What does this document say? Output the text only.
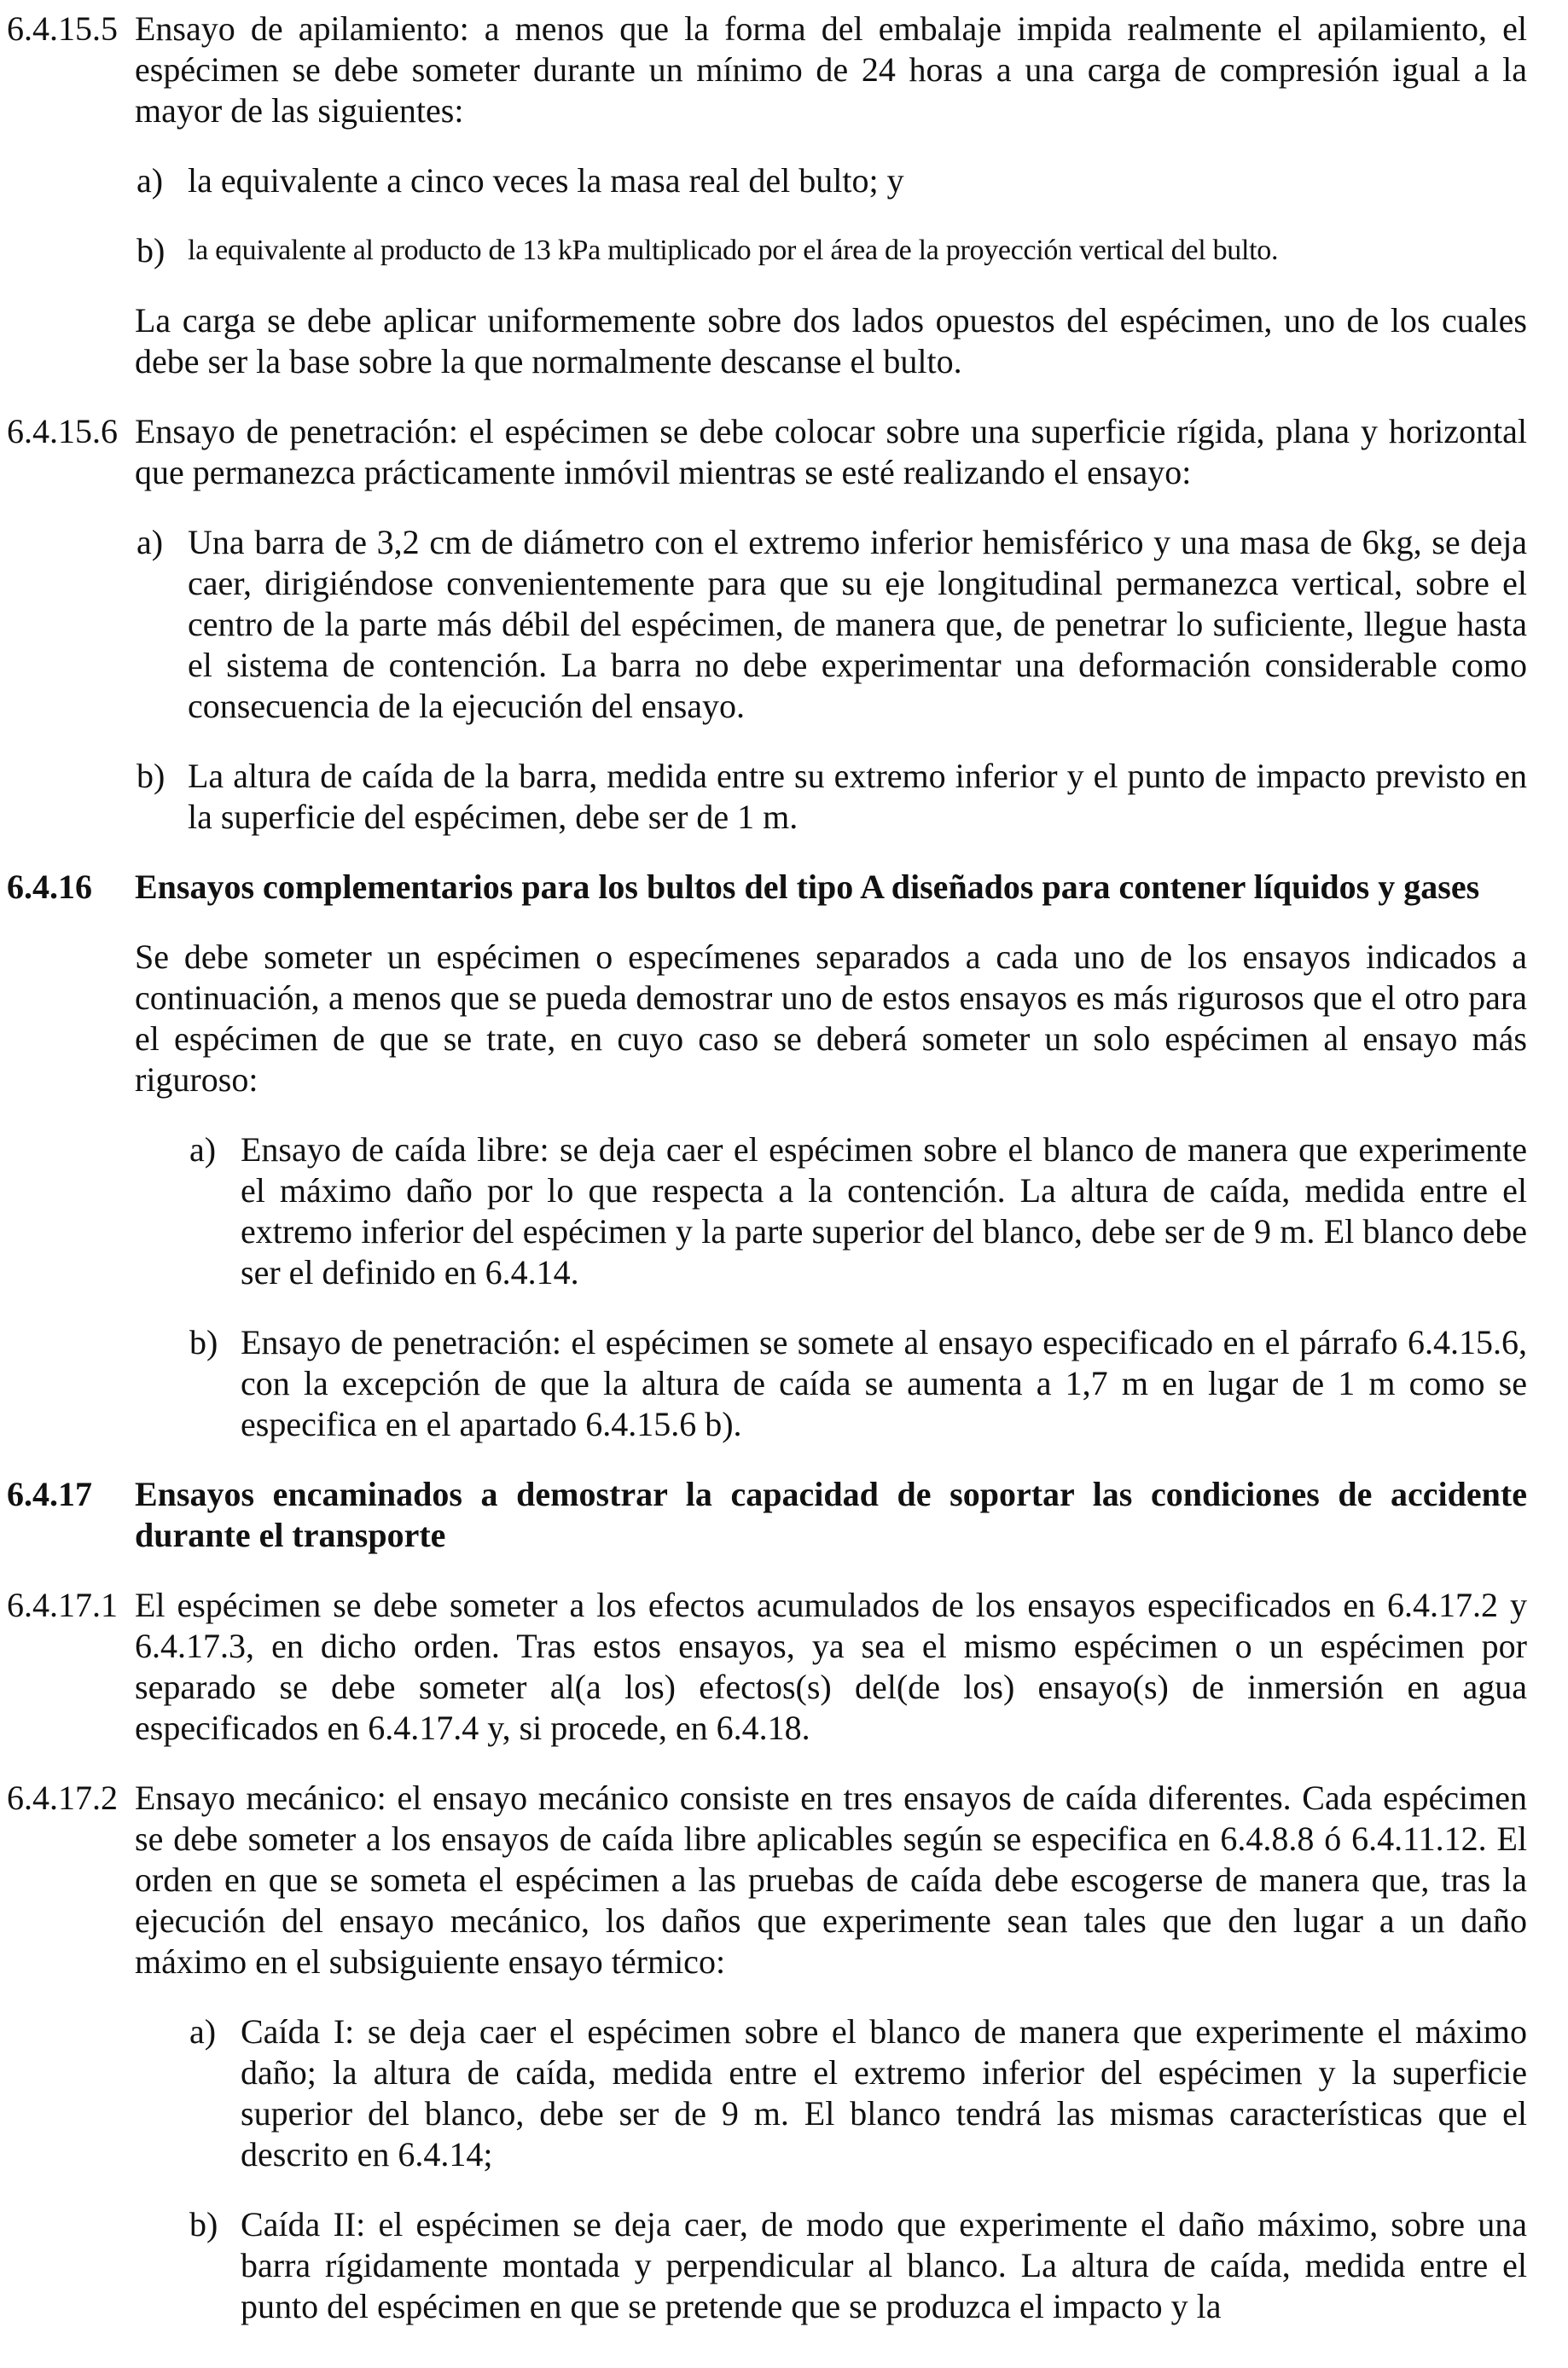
6.4.15.5 Ensayo de apilamiento: a menos que la forma del embalaje impida realmente el apilamiento, el espécimen se debe someter durante un mínimo de 24 horas a una carga de compresión igual a la mayor de las siguientes:

a) la equivalente a cinco veces la masa real del bulto; y
b) la equivalente al producto de 13 kPa multiplicado por el área de la proyección vertical del bulto.

La carga se debe aplicar uniformemente sobre dos lados opuestos del espécimen, uno de los cuales debe ser la base sobre la que normalmente descanse el bulto.

6.4.15.6 Ensayo de penetración: el espécimen se debe colocar sobre una superficie rígida, plana y horizontal que permanezca prácticamente inmóvil mientras se esté realizando el ensayo:

a) Una barra de 3,2 cm de diámetro con el extremo inferior hemisférico y una masa de 6kg, se deja caer, dirigiéndose convenientemente para que su eje longitudinal permanezca vertical, sobre el centro de la parte más débil del espécimen, de manera que, de penetrar lo suficiente, llegue hasta el sistema de contención. La barra no debe experimentar una deformación considerable como consecuencia de la ejecución del ensayo.
b) La altura de caída de la barra, medida entre su extremo inferior y el punto de impacto previsto en la superficie del espécimen, debe ser de 1 m.
6.4.16	Ensayos complementarios para los bultos del tipo A diseñados para contener líquidos y gases

Se debe someter un espécimen o especímenes separados a cada uno de los ensayos indicados a continuación, a menos que se pueda demostrar uno de estos ensayos es más rigurosos que el otro para el espécimen de que se trate, en cuyo caso se deberá someter un solo espécimen al ensayo más riguroso:

a) Ensayo de caída libre: se deja caer el espécimen sobre el blanco de manera que experimente el máximo daño por lo que respecta a la contención. La altura de caída, medida entre el extremo inferior del espécimen y la parte superior del blanco, debe ser de 9 m. El blanco debe ser el definido en 6.4.14.
b) Ensayo de penetración: el espécimen se somete al ensayo especificado en el párrafo 6.4.15.6, con la excepción de que la altura de caída se aumenta a 1,7 m en lugar de 1 m como se especifica en el apartado 6.4.15.6 b).
6.4.17	Ensayos encaminados a demostrar la capacidad de soportar las condiciones de accidente durante el transporte

6.4.17.1 El espécimen se debe someter a los efectos acumulados de los ensayos especificados en 6.4.17.2 y 6.4.17.3, en dicho orden. Tras estos ensayos, ya sea el mismo espécimen o un espécimen por separado se debe someter al(a los) efectos(s) del(de los) ensayo(s) de inmersión en agua especificados en 6.4.17.4 y, si procede, en 6.4.18.

6.4.17.2 Ensayo mecánico: el ensayo mecánico consiste en tres ensayos de caída diferentes. Cada espécimen se debe someter a los ensayos de caída libre aplicables según se especifica en 6.4.8.8 ó 6.4.11.12. El orden en que se someta el espécimen a las pruebas de caída debe escogerse de manera que, tras la ejecución del ensayo mecánico, los daños que experimente sean tales que den lugar a un daño máximo en el subsiguiente ensayo térmico:

a) Caída I: se deja caer el espécimen sobre el blanco de manera que experimente el máximo daño; la altura de caída, medida entre el extremo inferior del espécimen y la superficie superior del blanco, debe ser de 9 m. El blanco tendrá las mismas características que el descrito en 6.4.14;
b) Caída II: el espécimen se deja caer, de modo que experimente el daño máximo, sobre una barra rígidamente montada y perpendicular al blanco. La altura de caída, medida entre el punto del espécimen en que se pretende que se produzca el impacto y la
